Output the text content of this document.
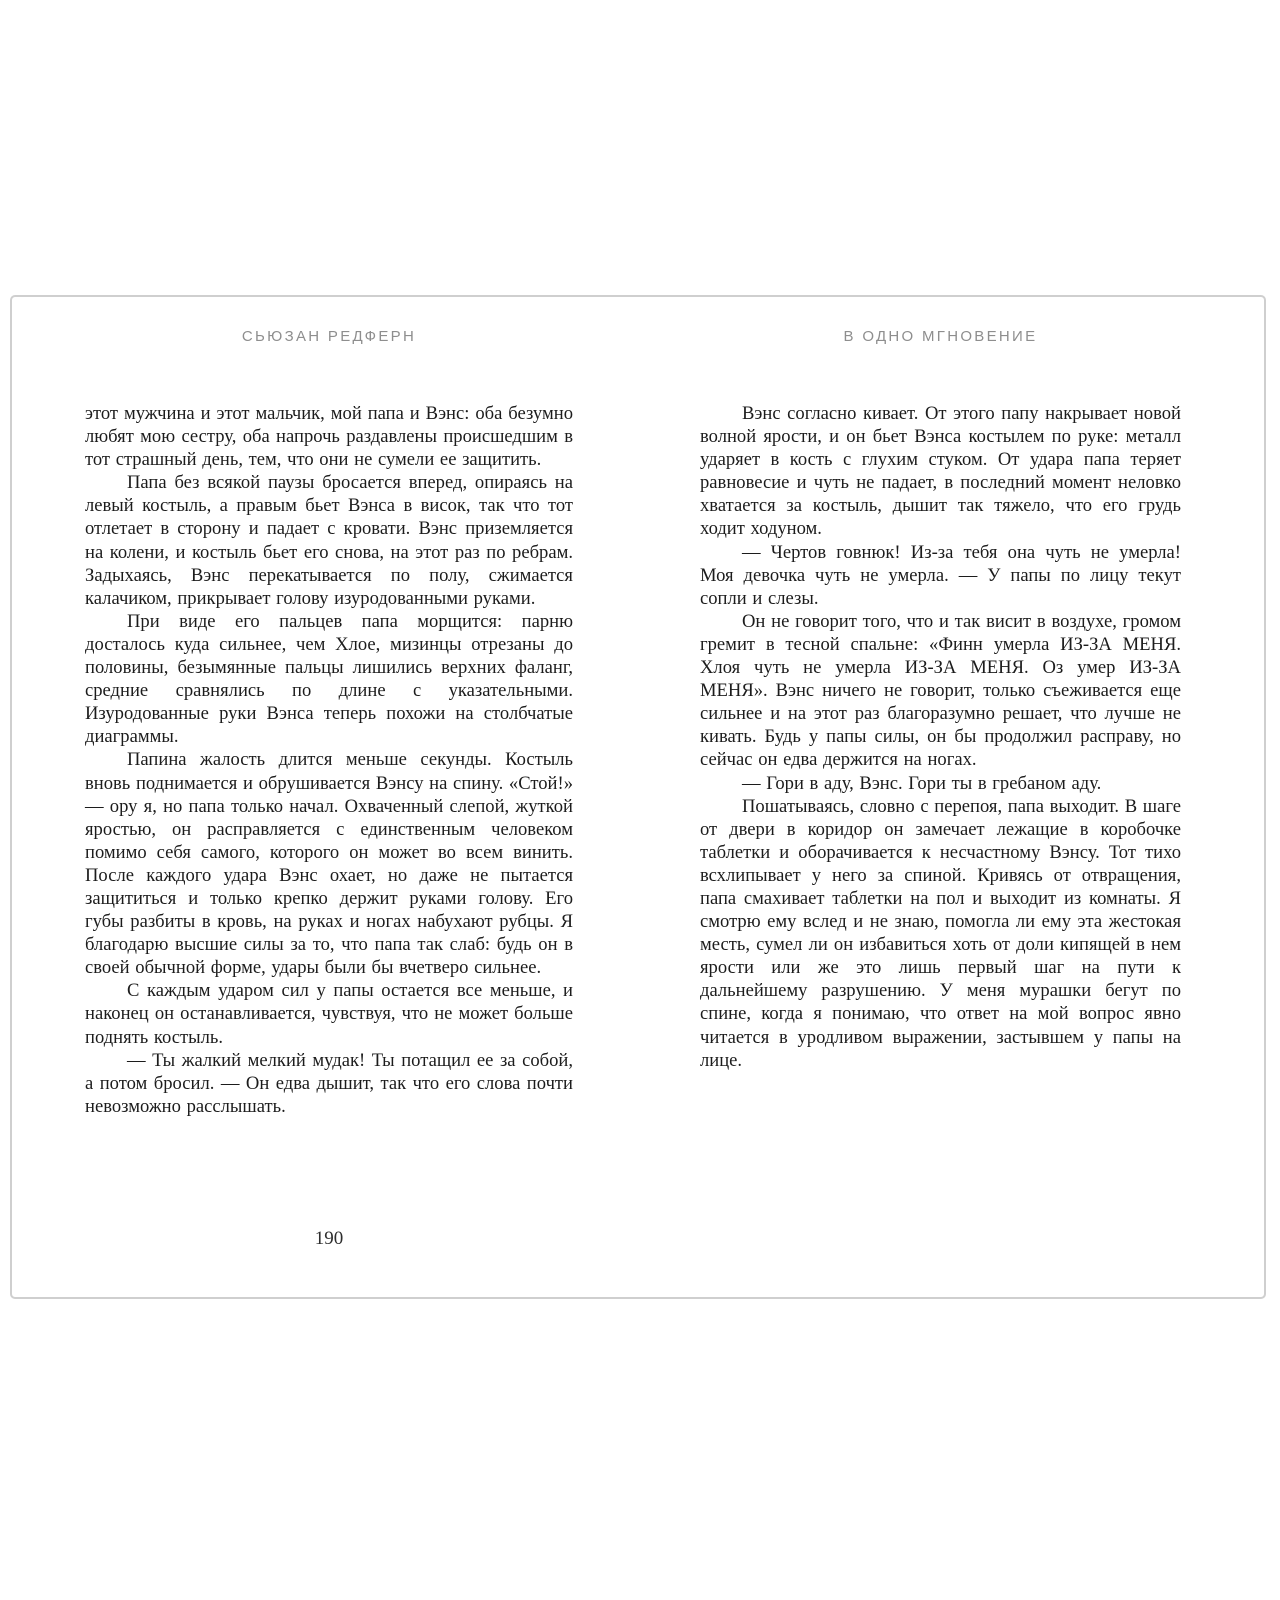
СЬЮЗАН РЕДФЕРН

этот мужчина и этот мальчик, мой папа и Вэнс: оба безумно любят мою сестру, оба напрочь раздавлены происшедшим в тот страшный день, тем, что они не сумели ее защитить.

Папа без всякой паузы бросается вперед, опираясь на левый костыль, а правым бьет Вэнса в висок, так что тот отлетает в сторону и падает с кровати. Вэнс приземляется на колени, и костыль бьет его снова, на этот раз по ребрам. Задыхаясь, Вэнс перекатывается по полу, сжимается калачиком, прикрывает голову изуродованными руками.

При виде его пальцев папа морщится: парню досталось куда сильнее, чем Хлое, мизинцы отрезаны до половины, безымянные пальцы лишились верхних фаланг, средние сравнялись по длине с указательными. Изуродованные руки Вэнса теперь похожи на столбчатые диаграммы.

Папина жалость длится меньше секунды. Костыль вновь поднимается и обрушивается Вэнсу на спину. «Стой!» — ору я, но папа только начал. Охваченный слепой, жуткой яростью, он расправляется с единственным человеком помимо себя самого, которого он может во всем винить. После каждого удара Вэнс охает, но даже не пытается защититься и только крепко держит руками голову. Его губы разбиты в кровь, на руках и ногах набухают рубцы. Я благодарю высшие силы за то, что папа так слаб: будь он в своей обычной форме, удары были бы вчетверо сильнее.

С каждым ударом сил у папы остается все меньше, и наконец он останавливается, чувствуя, что не может больше поднять костыль.

— Ты жалкий мелкий мудак! Ты потащил ее за собой, а потом бросил. — Он едва дышит, так что его слова почти невозможно расслышать.

В ОДНО МГНОВЕНИЕ

Вэнс согласно кивает. От этого папу накрывает новой волной ярости, и он бьет Вэнса костылем по руке: металл ударяет в кость с глухим стуком. От удара папа теряет равновесие и чуть не падает, в последний момент неловко хватается за костыль, дышит так тяжело, что его грудь ходит ходуном.

— Чертов говнюк! Из-за тебя она чуть не умерла! Моя девочка чуть не умерла. — У папы по лицу текут сопли и слезы.

Он не говорит того, что и так висит в воздухе, громом гремит в тесной спальне: «Финн умерла ИЗ-ЗА МЕНЯ. Хлоя чуть не умерла ИЗ-ЗА МЕНЯ. Оз умер ИЗ-ЗА МЕНЯ». Вэнс ничего не говорит, только съеживается еще сильнее и на этот раз благоразумно решает, что лучше не кивать. Будь у папы силы, он бы продолжил расправу, но сейчас он едва держится на ногах.

— Гори в аду, Вэнс. Гори ты в гребаном аду.

Пошатываясь, словно с перепоя, папа выходит. В шаге от двери в коридор он замечает лежащие в коробочке таблетки и оборачивается к несчастному Вэнсу. Тот тихо всхлипывает у него за спиной. Кривясь от отвращения, папа смахивает таблетки на пол и выходит из комнаты. Я смотрю ему вслед и не знаю, помогла ли ему эта жестокая месть, сумел ли он избавиться хоть от доли кипящей в нем ярости или же это лишь первый шаг на пути к дальнейшему разрушению. У меня мурашки бегут по спине, когда я понимаю, что ответ на мой вопрос явно читается в уродливом выражении, застывшем у папы на лице.

190
